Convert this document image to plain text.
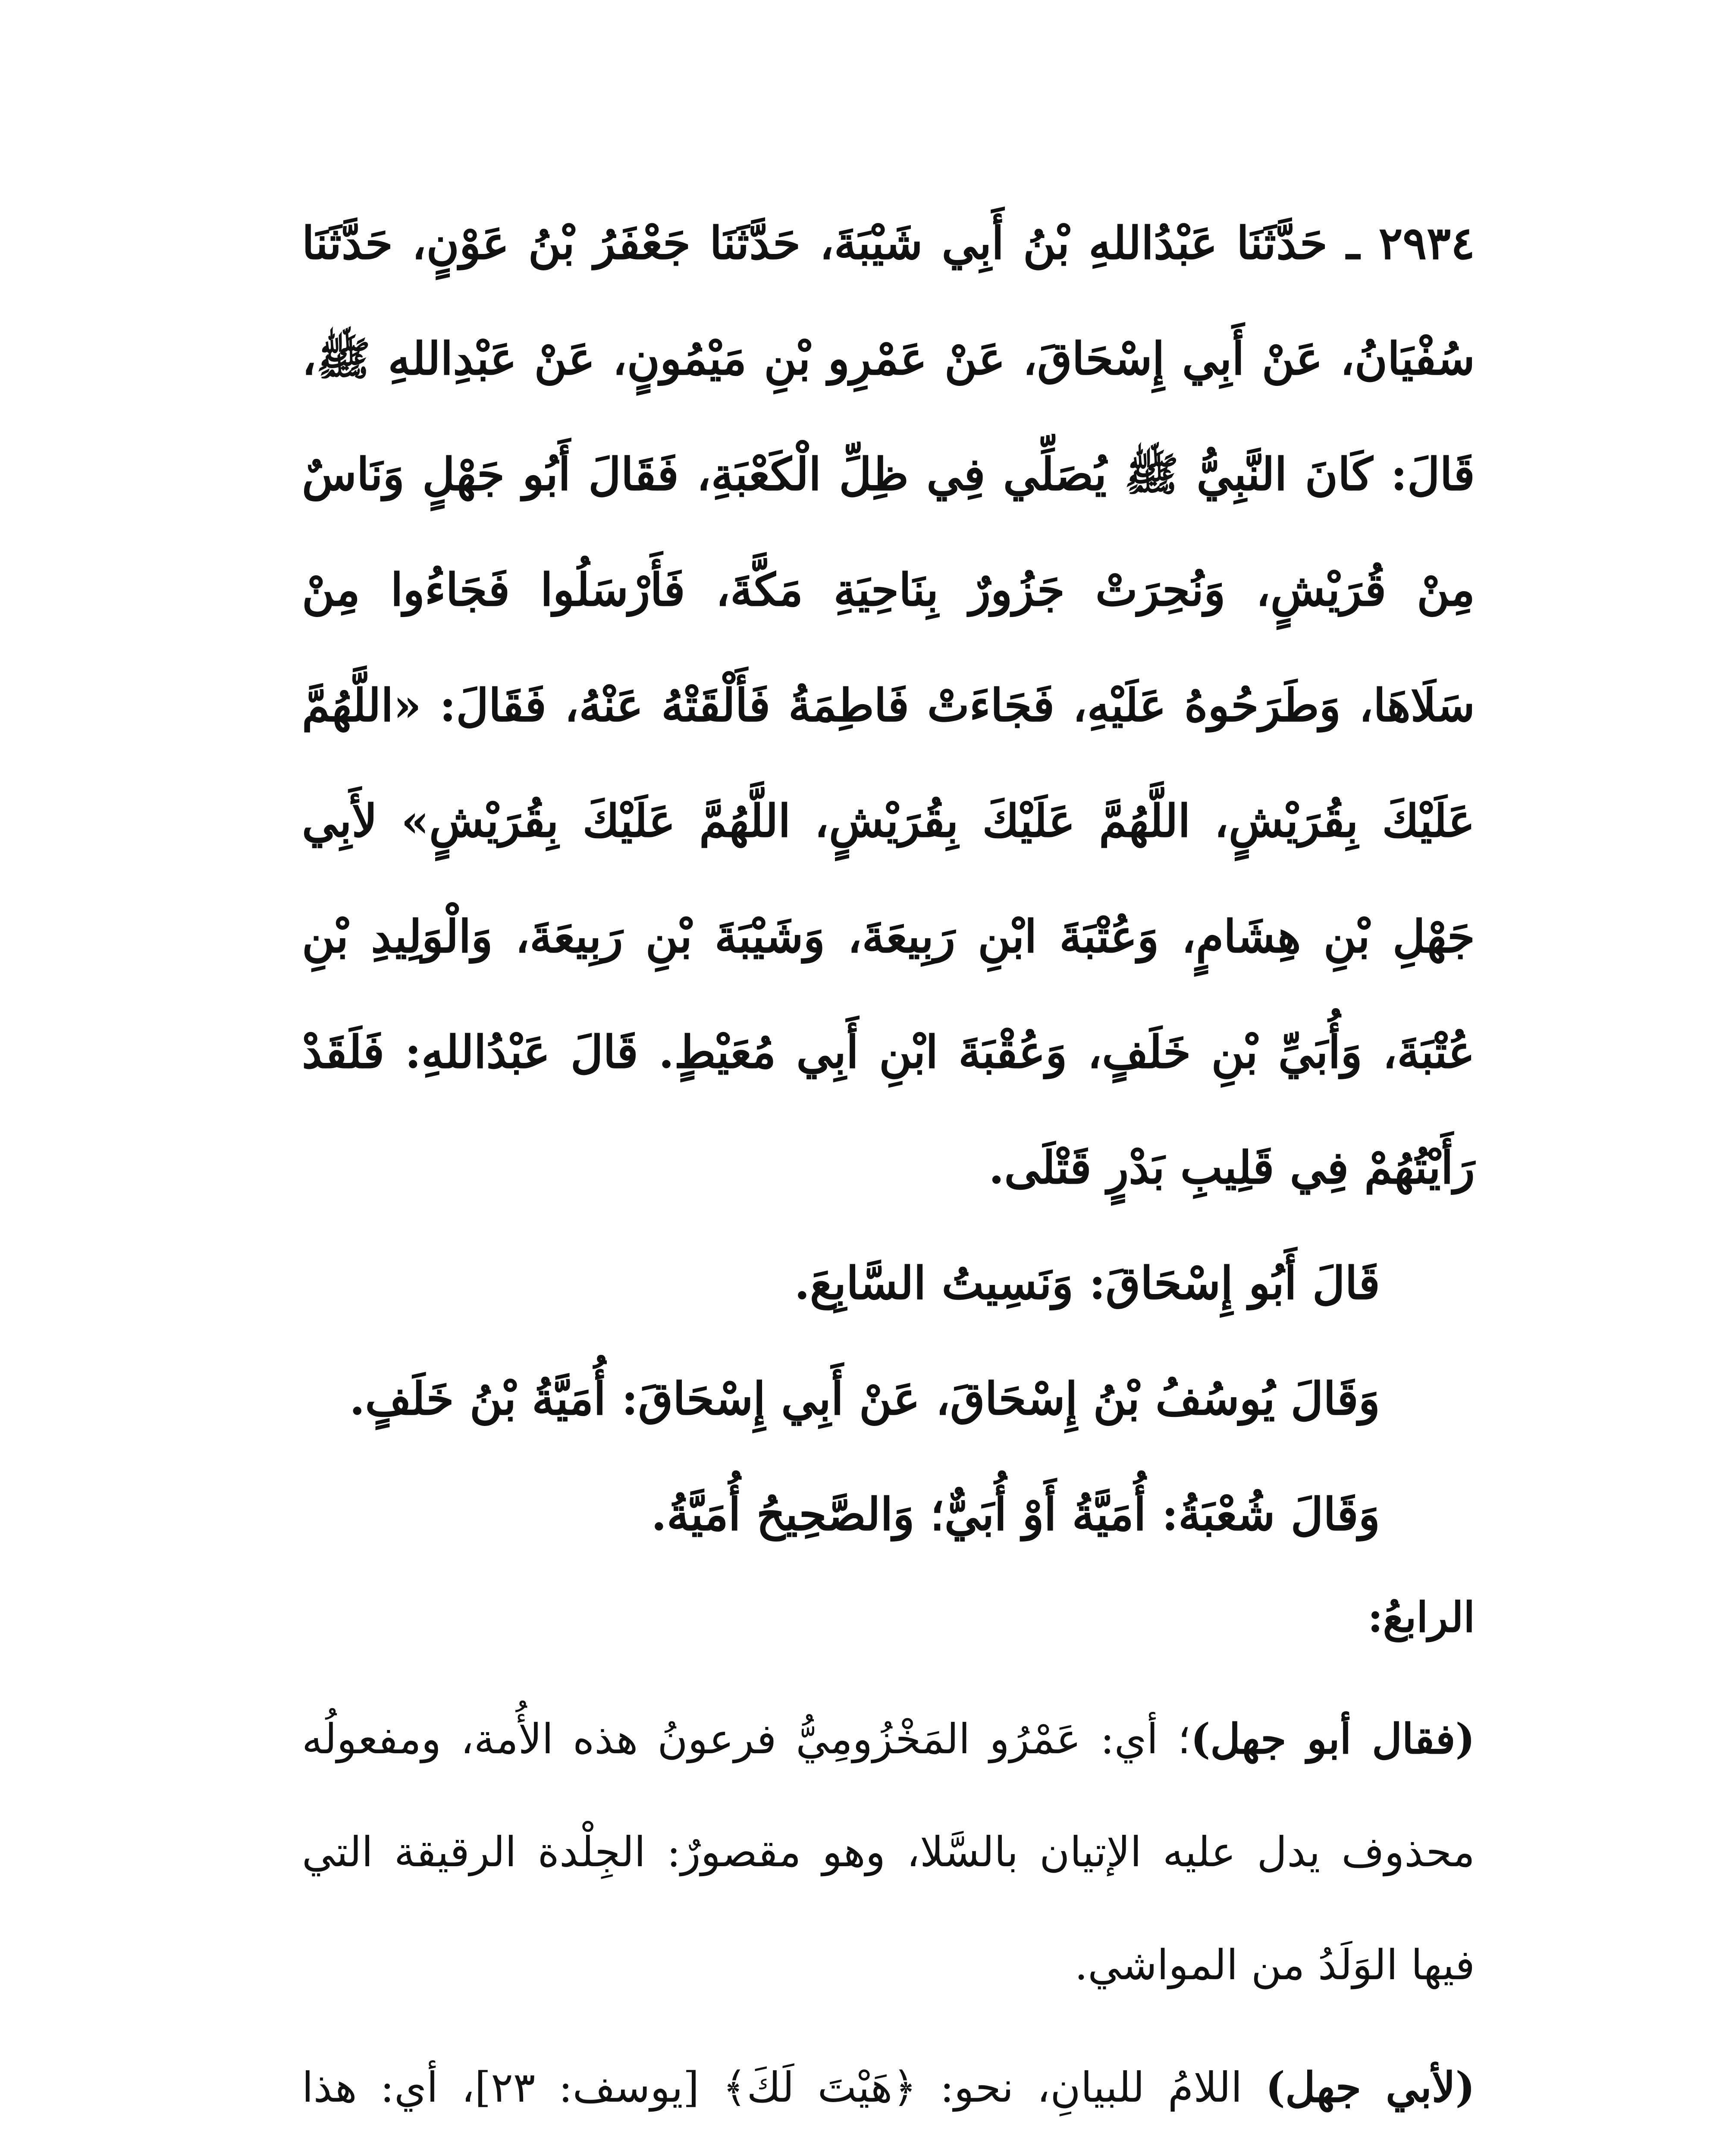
٢٩٣٤ ـ حَدَّثَنَا عَبْدُاللهِ بْنُ أَبِي شَيْبَةَ، حَدَّثَنَا جَعْفَرُ بْنُ عَوْنٍ، حَدَّثَنَا سُفْيَانُ، عَنْ أَبِي إِسْحَاقَ، عَنْ عَمْرِو بْنِ مَيْمُونٍ، عَنْ عَبْدِاللهِ ﷺ، قَالَ: كَانَ النَّبِيُّ ﷺ يُصَلِّي فِي ظِلِّ الْكَعْبَةِ، فَقَالَ أَبُو جَهْلٍ وَنَاسٌ مِنْ قُرَيْشٍ، وَنُحِرَتْ جَزُورٌ بِنَاحِيَةِ مَكَّةَ، فَأَرْسَلُوا فَجَاءُوا مِنْ سَلَاهَا، وَطَرَحُوهُ عَلَيْهِ، فَجَاءَتْ فَاطِمَةُ فَأَلْقَتْهُ عَنْهُ، فَقَالَ: «اللَّهُمَّ عَلَيْكَ بِقُرَيْشٍ، اللَّهُمَّ عَلَيْكَ بِقُرَيْشٍ، اللَّهُمَّ عَلَيْكَ بِقُرَيْشٍ» لأَبِي جَهْلِ بْنِ هِشَامٍ، وَعُتْبَةَ ابْنِ رَبِيعَةَ، وَشَيْبَةَ بْنِ رَبِيعَةَ، وَالْوَلِيدِ بْنِ عُتْبَةَ، وَأُبَيِّ بْنِ خَلَفٍ، وَعُقْبَةَ ابْنِ أَبِي مُعَيْطٍ. قَالَ عَبْدُاللهِ: فَلَقَدْ رَأَيْتُهُمْ فِي قَلِيبِ بَدْرٍ قَتْلَى.

قَالَ أَبُو إِسْحَاقَ: وَنَسِيتُ السَّابِعَ.

وَقَالَ يُوسُفُ بْنُ إِسْحَاقَ، عَنْ أَبِي إِسْحَاقَ: أُمَيَّةُ بْنُ خَلَفٍ.

وَقَالَ شُعْبَةُ: أُمَيَّةُ أَوْ أُبَيٌّ؛ وَالصَّحِيحُ أُمَيَّةُ.

الرابعُ:

(فقال أبو جهل)؛ أي: عَمْرُو المَخْزُومِيُّ فرعونُ هذه الأُمة، ومفعولُه محذوف يدل عليه الإتيان بالسَّلا، وهو مقصورٌ: الجِلْدة الرقيقة التي فيها الوَلَدُ من المواشي.

(لأبي جهل) اللامُ للبيانِ، نحو: ﴿هَيْتَ لَكَ﴾ [يوسف: ٢٣]، أي: هذا
